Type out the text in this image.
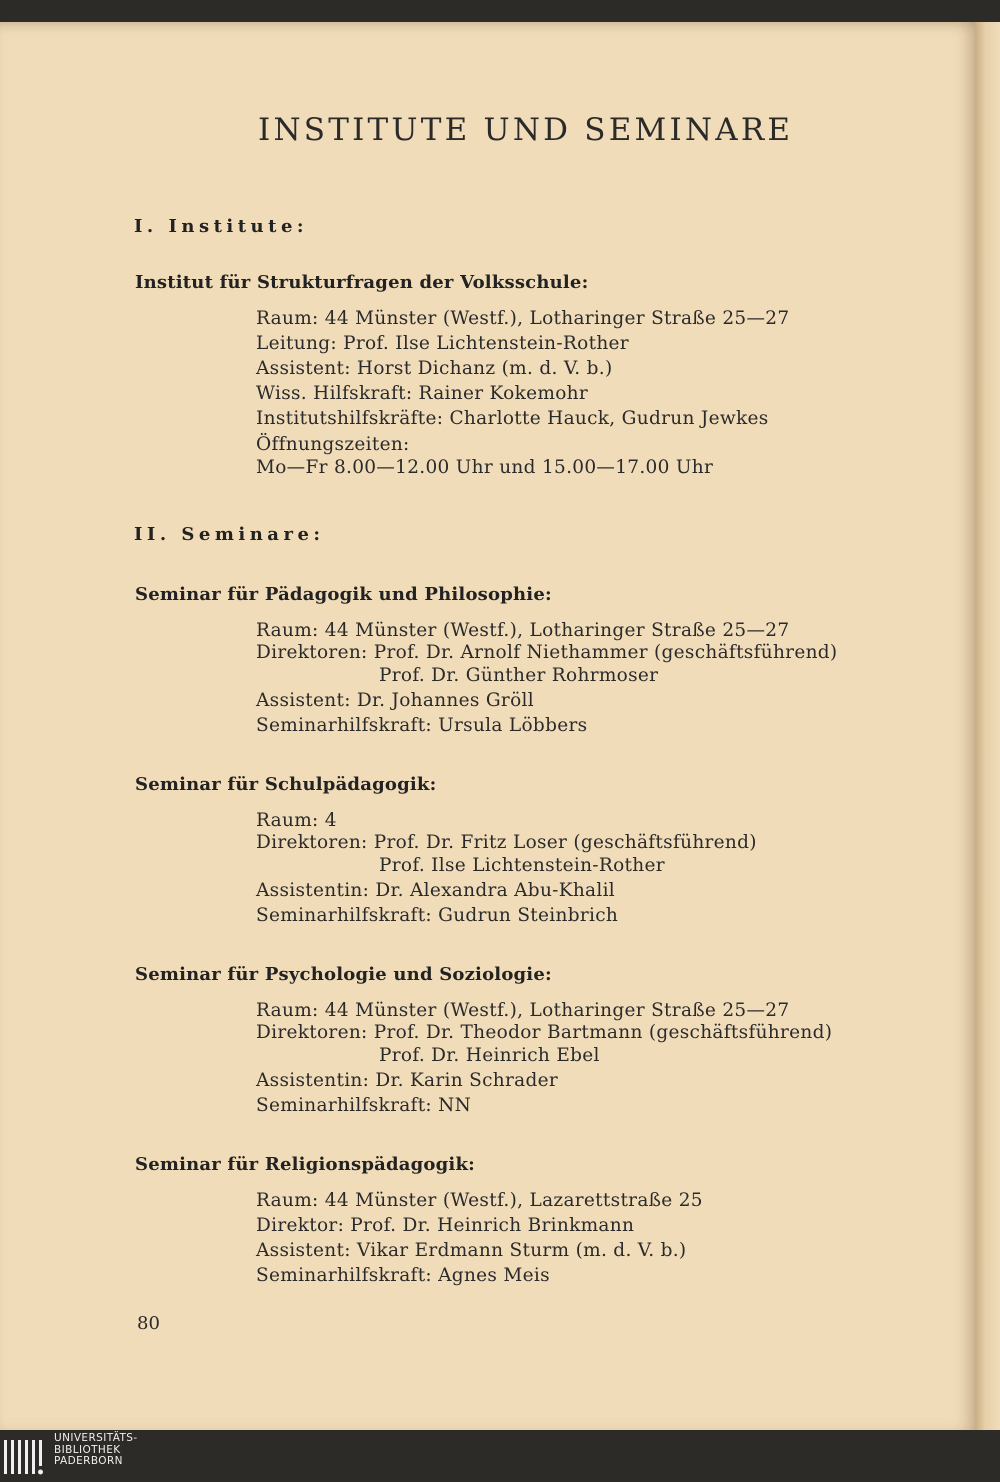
INSTITUTE UND SEMINARE
I. Institute:
Institut für Strukturfragen der Volksschule:
Raum: 44 Münster (Westf.), Lotharinger Straße 25—27
Leitung: Prof. Ilse Lichtenstein-Rother
Assistent: Horst Dichanz (m. d. V. b.)
Wiss. Hilfskraft: Rainer Kokemohr
Institutshilfskräfte: Charlotte Hauck, Gudrun Jewkes
Öffnungszeiten:
Mo—Fr 8.00—12.00 Uhr und 15.00—17.00 Uhr
II. Seminare:
Seminar für Pädagogik und Philosophie:
Raum: 44 Münster (Westf.), Lotharinger Straße 25—27
Direktoren: Prof. Dr. Arnolf Niethammer (geschäftsführend)
Prof. Dr. Günther Rohrmoser
Assistent: Dr. Johannes Gröll
Seminarhilfskraft: Ursula Löbbers
Seminar für Schulpädagogik:
Raum: 4
Direktoren: Prof. Dr. Fritz Loser (geschäftsführend)
Prof. Ilse Lichtenstein-Rother
Assistentin: Dr. Alexandra Abu-Khalil
Seminarhilfskraft: Gudrun Steinbrich
Seminar für Psychologie und Soziologie:
Raum: 44 Münster (Westf.), Lotharinger Straße 25—27
Direktoren: Prof. Dr. Theodor Bartmann (geschäftsführend)
Prof. Dr. Heinrich Ebel
Assistentin: Dr. Karin Schrader
Seminarhilfskraft: NN
Seminar für Religionspädagogik:
Raum: 44 Münster (Westf.), Lazarettstraße 25
Direktor: Prof. Dr. Heinrich Brinkmann
Assistent: Vikar Erdmann Sturm (m. d. V. b.)
Seminarhilfskraft: Agnes Meis
80
UNIVERSITÄTS-
BIBLIOTHEK
PADERBORN
